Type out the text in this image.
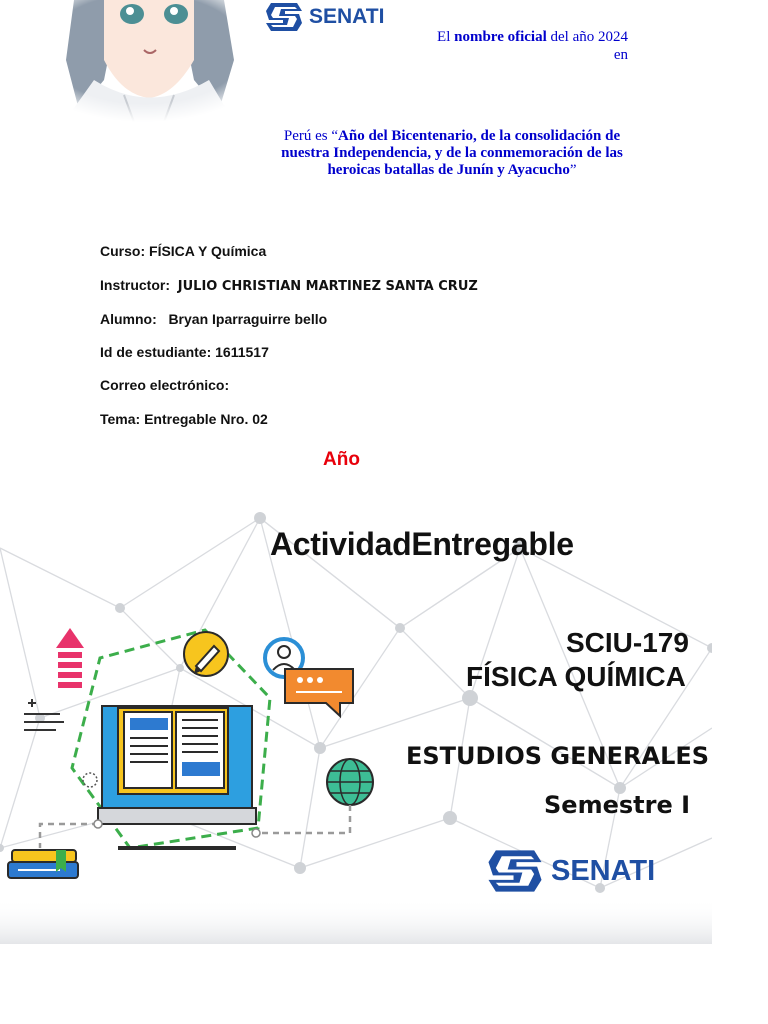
SENATI
El nombre oficial del año 2024
en
Perú es “Año del Bicentenario, de la consolidación de
nuestra Independencia, y de la conmemoración de las
heroicas batallas de Junín y Ayacucho”
Curso: FÍSICA Y Química
Instructor: JULIO CHRISTIAN MARTINEZ SANTA CRUZ
Alumno: Bryan Iparraguirre bello
Id de estudiante: 1611517
Correo electrónico:
Tema: Entregable Nro. 02
Año
ActividadEntregable
SCIU-179
FÍSICA QUÍMICA
ESTUDIOS GENERALES
Semestre I
SENATI
